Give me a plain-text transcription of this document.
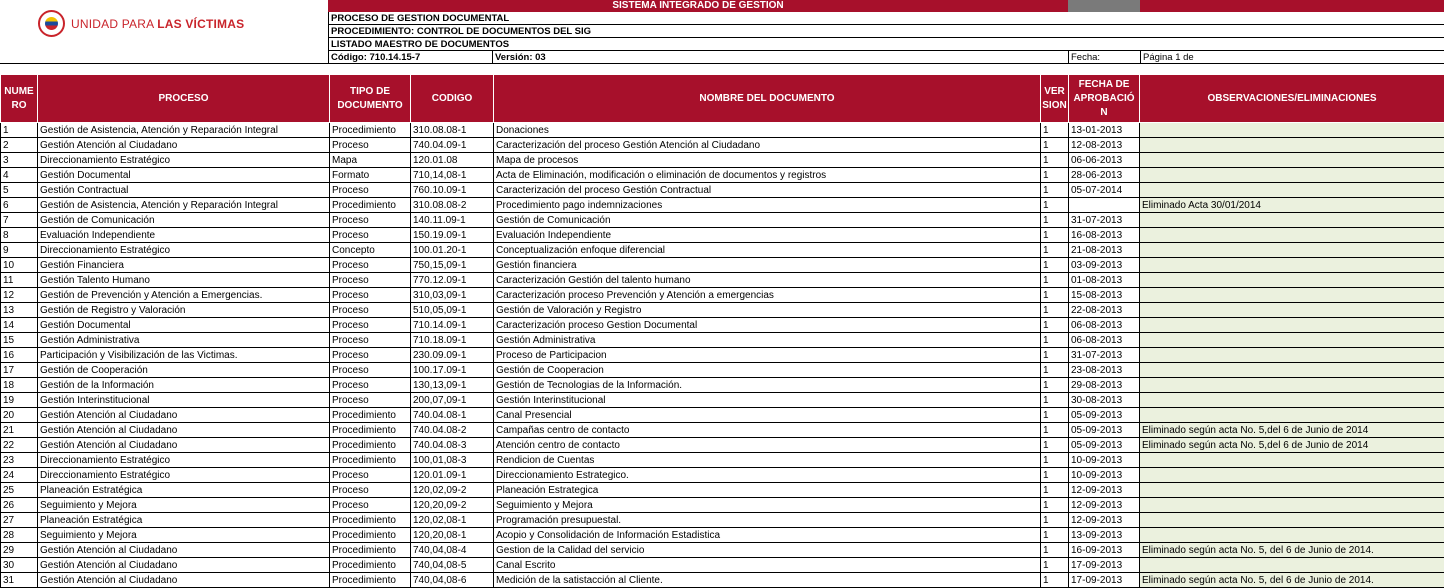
UNIDAD PARA LAS VÍCTIMAS
SISTEMA INTEGRADO DE GESTION
PROCESO DE GESTION DOCUMENTAL
PROCEDIMIENTO: CONTROL DE DOCUMENTOS DEL SIG
LISTADO MAESTRO DE DOCUMENTOS
Código: 710.14.15-7	Versión: 03	Fecha:	Página 1 de
NUME RO	PROCESO	TIPO DE DOCUMENTO	CODIGO	NOMBRE DEL DOCUMENTO	VER SION	FECHA DE APROBACIÓ N	OBSERVACIONES/ELIMINACIONES
1	Gestión de Asistencia, Atención y Reparación Integral	Procedimiento	310.08.08-1	Donaciones	1	13-01-2013	
2	Gestión Atención al Ciudadano	Proceso	740.04.09-1	Caracterización del proceso Gestión Atención al Ciudadano	1	12-08-2013	
3	Direccionamiento Estratégico	Mapa	120.01.08	Mapa de procesos	1	06-06-2013	
4	Gestión Documental	Formato	710,14,08-1	Acta de Eliminación, modificación o eliminación de documentos y registros	1	28-06-2013	
5	Gestión Contractual	Proceso	760.10.09-1	Caracterización del proceso Gestión Contractual	1	05-07-2014	
6	Gestión de Asistencia, Atención y Reparación Integral	Procedimiento	310.08.08-2	Procedimiento pago indemnizaciones	1		Eliminado Acta 30/01/2014
7	Gestión de Comunicación	Proceso	140.11.09-1	Gestión de Comunicación	1	31-07-2013	
8	Evaluación Independiente	Proceso	150.19.09-1	Evaluación Independiente	1	16-08-2013	
9	Direccionamiento Estratégico	Concepto	100.01.20-1	Conceptualización enfoque diferencial	1	21-08-2013	
10	Gestión Financiera	Proceso	750,15,09-1	Gestión financiera	1	03-09-2013	
11	Gestión Talento Humano	Proceso	770.12.09-1	Caracterización Gestión del talento humano	1	01-08-2013	
12	Gestión de Prevención y Atención a Emergencias.	Proceso	310,03,09-1	Caracterización proceso Prevención y Atención a emergencias	1	15-08-2013	
13	Gestión de Registro y Valoración	Proceso	510,05,09-1	Gestión de Valoración y Registro	1	22-08-2013	
14	Gestión Documental	Proceso	710.14.09-1	Caracterización proceso Gestion Documental	1	06-08-2013	
15	Gestión Administrativa	Proceso	710.18.09-1	Gestión Administrativa	1	06-08-2013	
16	Participación y Visibilización de las Victimas.	Proceso	230.09.09-1	Proceso de Participacion	1	31-07-2013	
17	Gestión de Cooperación	Proceso	100.17.09-1	Gestión de Cooperacion	1	23-08-2013	
18	Gestión de la Información	Proceso	130,13,09-1	Gestión de Tecnologias de la Información.	1	29-08-2013	
19	Gestión Interinstitucional	Proceso	200,07,09-1	Gestión Interinstitucional	1	30-08-2013	
20	Gestión Atención al Ciudadano	Procedimiento	740.04.08-1	Canal Presencial	1	05-09-2013	
21	Gestión Atención al Ciudadano	Procedimiento	740.04.08-2	Campañas centro de contacto	1	05-09-2013	Eliminado según acta No. 5,del 6 de Junio de 2014
22	Gestión Atención al Ciudadano	Procedimiento	740.04.08-3	Atención centro de contacto	1	05-09-2013	Eliminado según acta No. 5,del 6 de Junio de 2014
23	Direccionamiento Estratégico	Procedimiento	100,01,08-3	Rendicion de Cuentas	1	10-09-2013	
24	Direccionamiento Estratégico	Proceso	120.01.09-1	Direccionamiento Estrategico.	1	10-09-2013	
25	Planeación Estratégica	Proceso	120,02,09-2	Planeación Estrategica	1	12-09-2013	
26	Seguimiento y Mejora	Proceso	120,20,09-2	Seguimiento y Mejora	1	12-09-2013	
27	Planeación Estratégica	Procedimiento	120,02,08-1	Programación presupuestal.	1	12-09-2013	
28	Seguimiento y Mejora	Procedimiento	120,20,08-1	Acopio y Consolidación de Información Estadistica	1	13-09-2013	
29	Gestión Atención al Ciudadano	Procedimiento	740,04,08-4	Gestion de la Calidad del servicio	1	16-09-2013	Eliminado según acta No. 5, del 6 de Junio de 2014.
30	Gestión Atención al Ciudadano	Procedimiento	740,04,08-5	Canal Escrito	1	17-09-2013	
31	Gestión Atención al Ciudadano	Procedimiento	740,04,08-6	Medición de la satistacción al Cliente.	1	17-09-2013	Eliminado según acta No. 5, del 6 de Junio de 2014.
